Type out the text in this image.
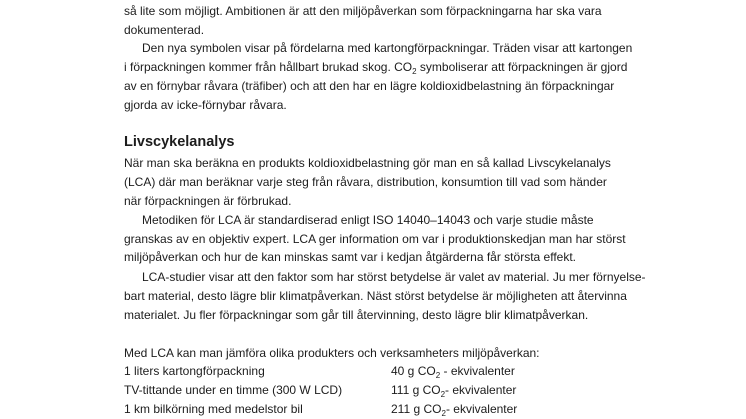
så lite som möjligt. Ambitionen är att den miljöpåverkan som förpackningarna har ska vara
dokumenterad.
Den nya symbolen visar på fördelarna med kartongförpackningar. Träden visar att kartongen
i förpackningen kommer från hållbart brukad skog. $CO_2$ symboliserar att förpackningen är gjord
av en förnybar råvara (träfiber) och att den har en lägre koldioxidbelastning än förpackningar
gjorda av icke-förnybar råvara.
Livscykelanalys
När man ska beräkna en produkts koldioxidbelastning gör man en så kallad Livscykelanalys
(LCA) där man beräknar varje steg från råvara, distribution, konsumtion till vad som händer
när förpackningen är förbrukad.
Metodiken för LCA är standardiserad enligt ISO 14040–14043 och varje studie måste
granskas av en objektiv expert. LCA ger information om var i produktionskedjan man har störst
miljöpåverkan och hur de kan minskas samt var i kedjan åtgärderna får största effekt.
LCA-studier visar att den faktor som har störst betydelse är valet av material. Ju mer förnyelse-
bart material, desto lägre blir klimatpåverkan. Näst störst betydelse är möjligheten att återvinna
materialet. Ju fler förpackningar som går till återvinning, desto lägre blir klimatpåverkan.
Med LCA kan man jämföra olika produkters och verksamheters miljöpåverkan:
1 liters kartongförpackning	40 g $CO_2$ - ekvivalenter
TV-tittande under en timme (300 W LCD)	111 g $CO_2-$ ekvivalenter
1 km bilkörning med medelstor bil	211 g $CO_2-$ ekvivalenter
